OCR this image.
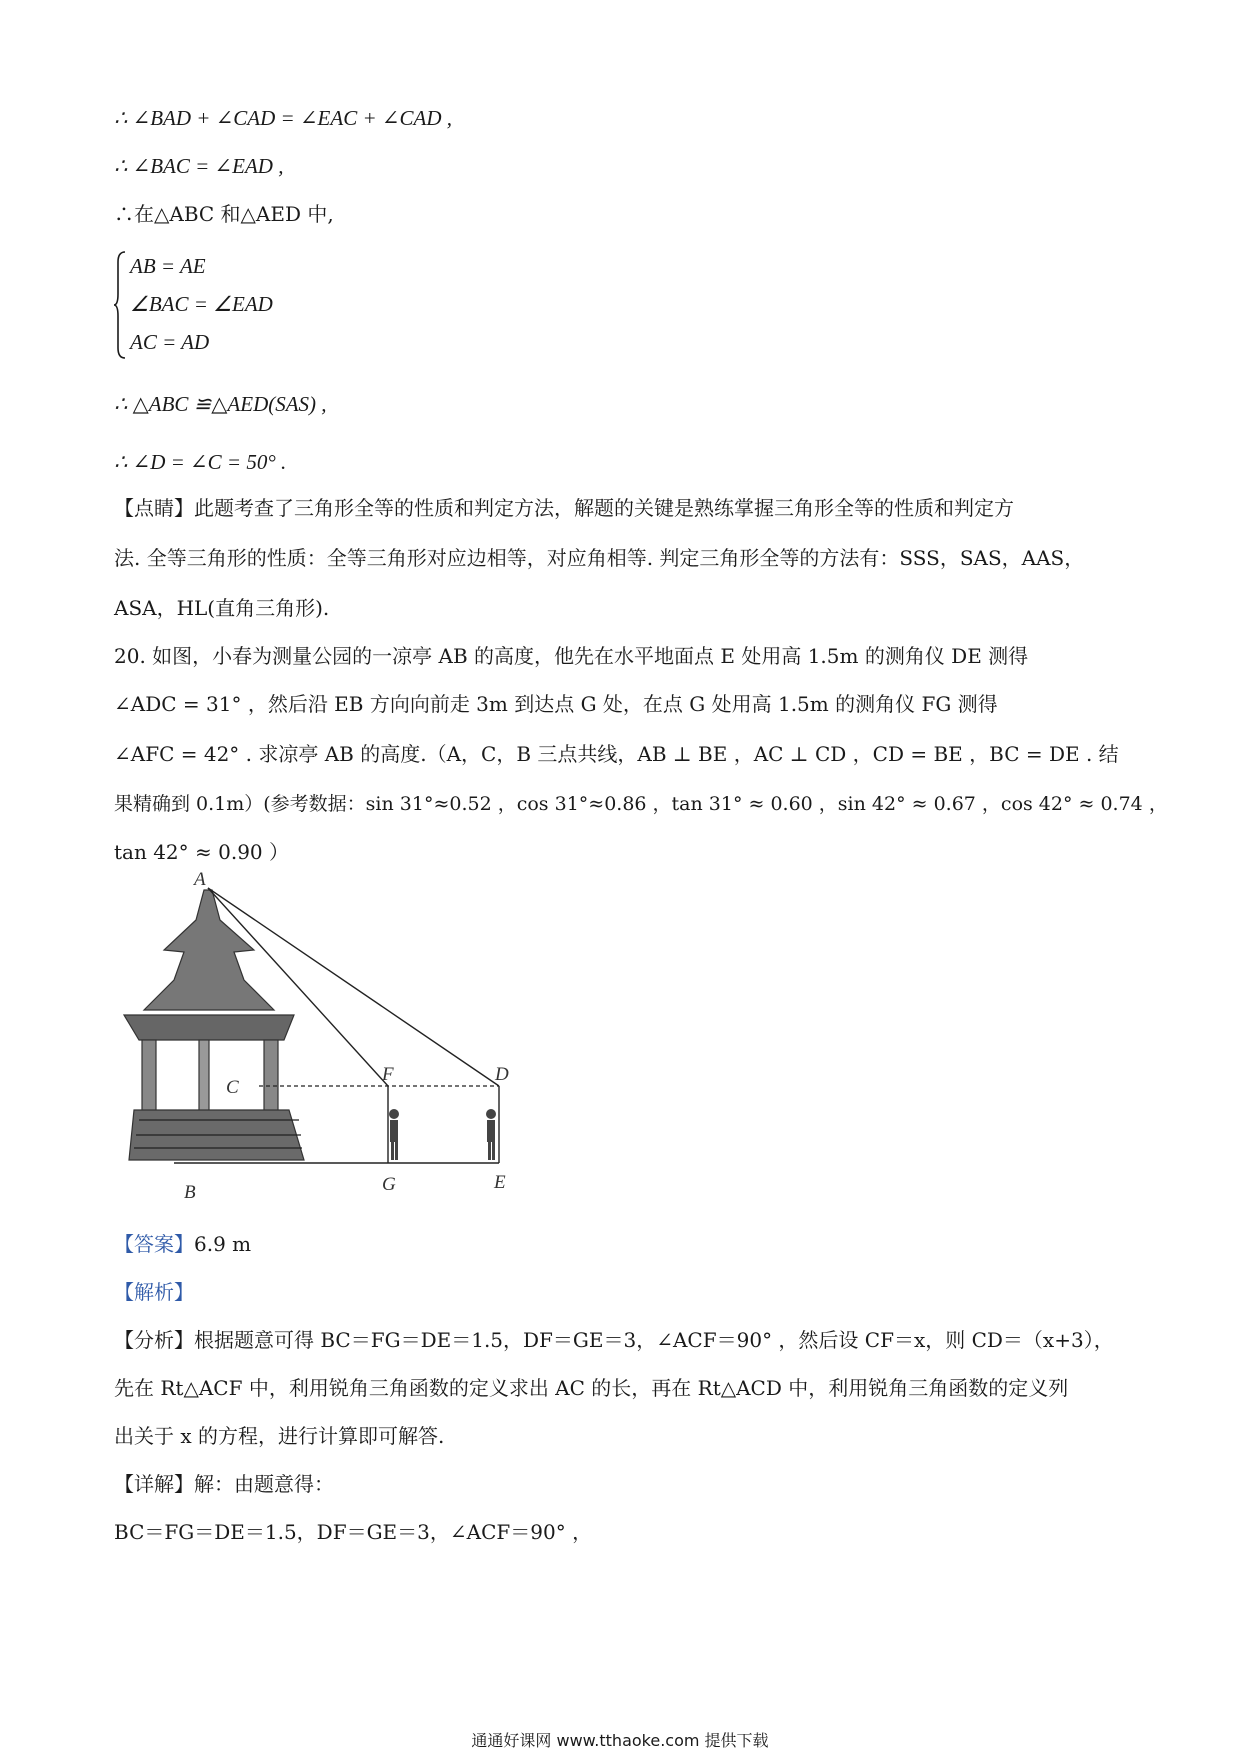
∴ ∠BAD + ∠CAD = ∠EAC + ∠CAD ,
∴ ∠BAC = ∠EAD ,
∴在△ABC 和△AED 中,
AB = AE
∠BAC = ∠EAD
AC = AD
∴ △ABC ≌△AED(SAS) ,
∴ ∠D = ∠C = 50° .
【点睛】此题考查了三角形全等的性质和判定方法，解题的关键是熟练掌握三角形全等的性质和判定方
法. 全等三角形的性质：全等三角形对应边相等，对应角相等. 判定三角形全等的方法有：SSS，SAS，AAS，
ASA，HL(直角三角形).
20. 如图，小春为测量公园的一凉亭 AB 的高度，他先在水平地面点 E 处用高 1.5m 的测角仪 DE 测得
∠ADC = 31° ，然后沿 EB 方向向前走 3m 到达点 G 处，在点 G 处用高 1.5m 的测角仪 FG 测得
∠AFC = 42° . 求凉亭 AB 的高度.（A，C，B 三点共线，AB ⊥ BE ，AC ⊥ CD ，CD = BE ，BC = DE . 结
果精确到 0.1m）(参考数据：sin 31°≈0.52 ，cos 31°≈0.86 ，tan 31° ≈ 0.60 ，sin 42° ≈ 0.67 ，cos 42° ≈ 0.74 ，
tan 42° ≈ 0.90 ）
A
C
F	D
B	G	E
【答案】6.9 m
【解析】
【分析】根据题意可得 BC＝FG＝DE＝1.5，DF＝GE＝3，∠ACF＝90° ，然后设 CF＝x，则 CD＝（x+3），
先在 Rt△ACF 中，利用锐角三角函数的定义求出 AC 的长，再在 Rt△ACD 中，利用锐角三角函数的定义列
出关于 x 的方程，进行计算即可解答.
【详解】解：由题意得：
BC＝FG＝DE＝1.5，DF＝GE＝3，∠ACF＝90° ，
通通好课网 www.tthaoke.com 提供下载
